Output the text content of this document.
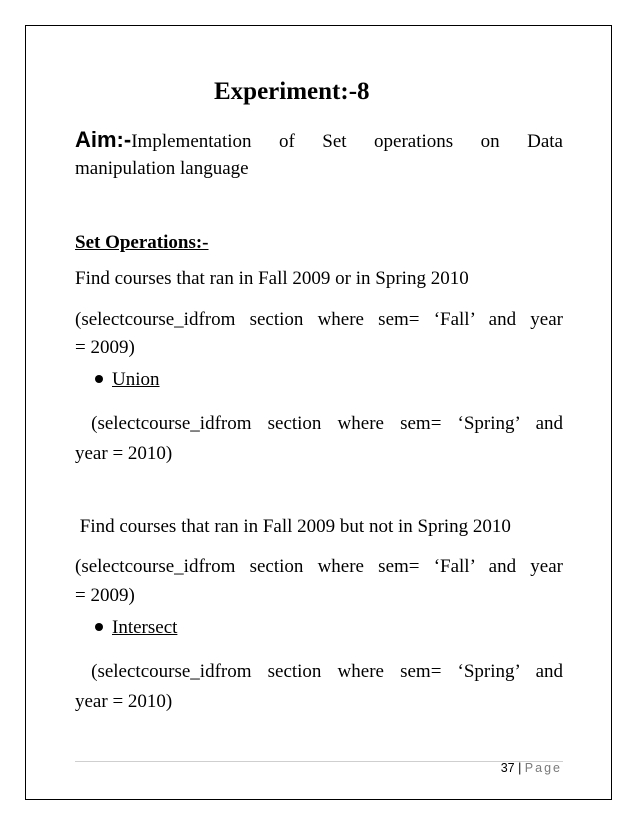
Experiment:-8
Aim:-Implementation of Set operations on Data
manipulation language
Set Operations:-
Find courses that ran in Fall 2009 or in Spring 2010
(selectcourse_idfrom section where sem= ‘Fall’ and year
= 2009)
Union
(selectcourse_idfrom section where sem= ‘Spring’ and
year = 2010)
Find courses that ran in Fall 2009 but not in Spring 2010
(selectcourse_idfrom section where sem= ‘Fall’ and year
= 2009)
Intersect
(selectcourse_idfrom section where sem= ‘Spring’ and
year = 2010)
37 | Page
